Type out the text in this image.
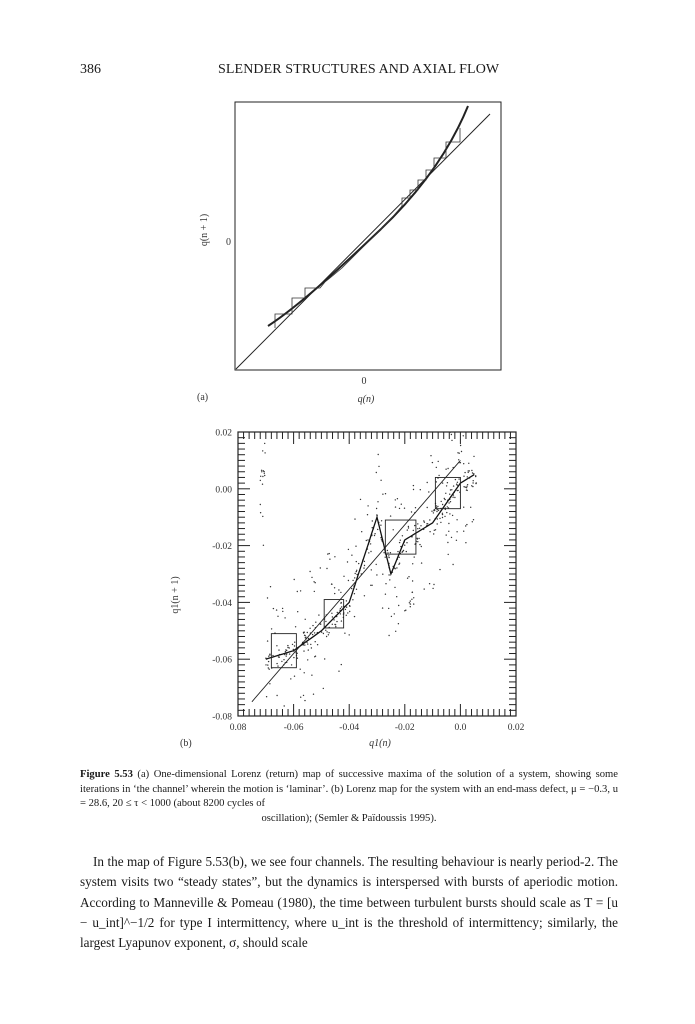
386	SLENDER STRUCTURES AND AXIAL FLOW
q(n + 1) 0
0
q(n)
(a)
0.08	-0.06	-0.04	-0.02	0.0	0.02
0.02
0.00
-0.02
-0.04
-0.06
-0.08
q1(n + 1)
q1(n)
(b)
Figure 5.53 (a) One-dimensional Lorenz (return) map of successive maxima of the solution of a system, showing some iterations in ‘the channel’ wherein the motion is ‘laminar’. (b) Lorenz map for the system with an end-mass defect, μ = −0.3, u = 28.6, 20 ≤ τ < 1000 (about 8200 cycles of
oscillation); (Semler & Païdoussis 1995).
In the map of Figure 5.53(b), we see four channels. The resulting behaviour is nearly period-2. The system visits two “steady states”, but the dynamics is interspersed with bursts of aperiodic motion. According to Manneville & Pomeau (1980), the time between turbulent bursts should scale as T = [u − u_int]^−1/2 for type I intermittency, where u_int is the threshold of intermittency; similarly, the largest Lyapunov exponent, σ, should scale
